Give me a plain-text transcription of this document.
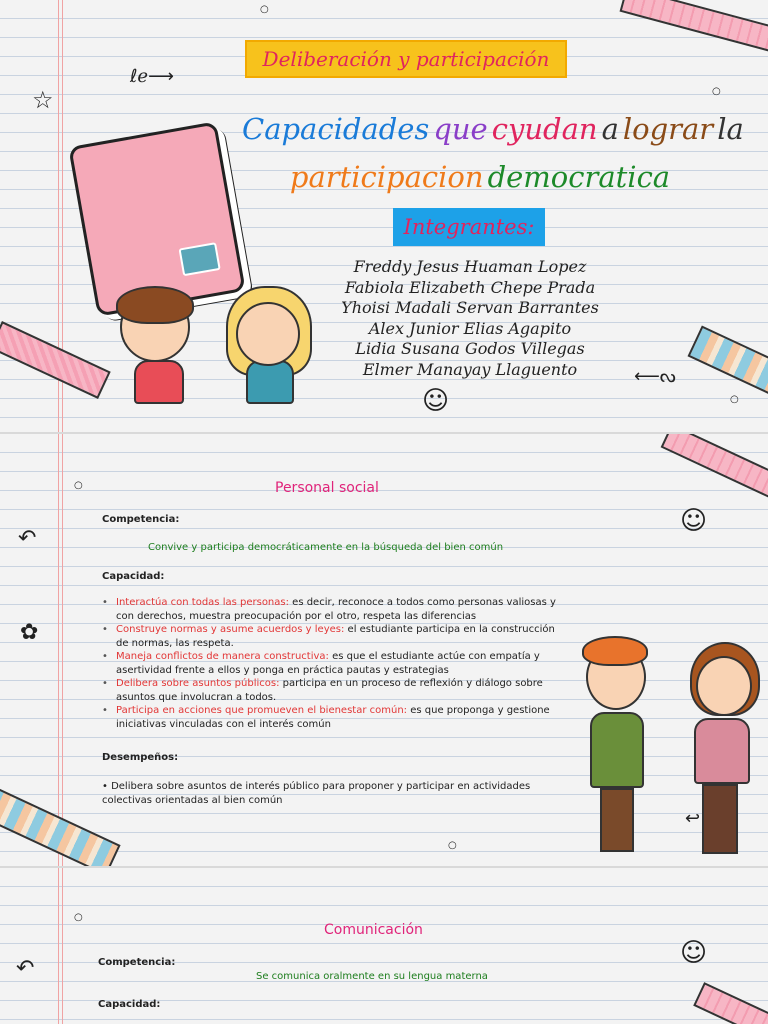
ℓℯ⟶
☆
○
○
⟵ᔓ
☺	○
Deliberación y participación
Capacidades que cyudan a lograr la
participacion democratica
Integrantes:
Freddy Jesus Huaman Lopez
Fabiola Elizabeth Chepe Prada
Yhoisi Madali Servan Barrantes
Alex Junior Elias Agapito
Lidia Susana Godos Villegas
Elmer Manayay Llaguento
○
↶
✿
☺
↩
○
Personal social
Competencia:
Convive y participa democráticamente en la búsqueda del bien común
Capacidad:
• Interactúa con todas las personas: es decir, reconoce a todos como personas valiosas y con derechos, muestra preocupación por el otro, respeta las diferencias
• Construye normas y asume acuerdos y leyes: el estudiante participa en la construcción de normas, las respeta.
• Maneja conflictos de manera constructiva: es que el estudiante actúe con empatía y asertividad frente a ellos y ponga en práctica pautas y estrategias
• Delibera sobre asuntos públicos: participa en un proceso de reflexión y diálogo sobre asuntos que involucran a todos.
• Participa en acciones que promueven el bienestar común: es que proponga y gestione iniciativas vinculadas con el interés común
Desempeños:
• Delibera sobre asuntos de interés público para proponer y participar en actividades colectivas orientadas al bien común
○
↶
☺
Comunicación
Competencia:
Se comunica oralmente en su lengua materna
Capacidad:
